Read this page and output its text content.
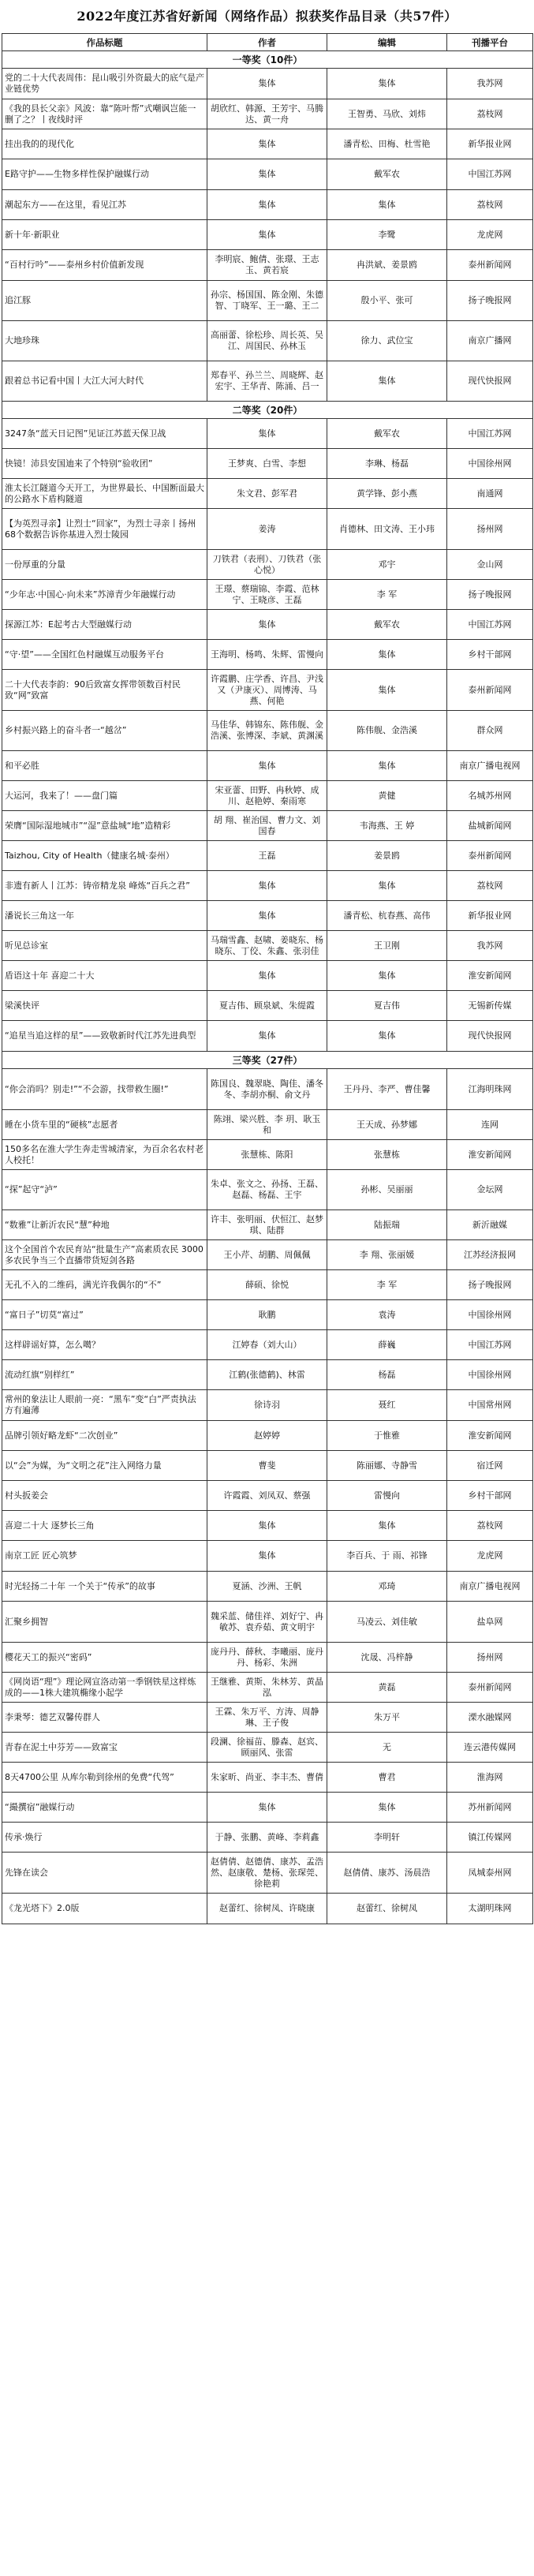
2022年度江苏省好新闻（网络作品）拟获奖作品目录（共57件）
作品标题	作者	编辑	刊播平台
一等奖（10件）			
党的二十大代表周伟：昆山吸引外资最大的底气是产业链优势	集体	集体	我苏网
《我的县长父亲》风波：靠“陈叶帮”式嘲讽岂能一删了之？丨夜线时评	胡欣红、韩源、王芳宇、马腾达、黄一舟	王智勇、马欣、刘炜	荔枝网
挂出我的的现代化	集体	潘青松、田梅、杜雪艳	新华报业网
E路守护——生物多样性保护融媒行动	集体	戴军农	中国江苏网
潮起东方——在这里，看见江苏	集体	集体	荔枝网
新十年·新职业	集体	李鹭	龙虎网
“百村行吟”——泰州乡村价值新发现	李明宸、鲍倩、张璟、王志玉、黄若宸	冉洪斌、姜景鸥	泰州新闻网
追江豚	孙宗、杨国国、陈金刚、朱德智、丁晓军、王一璐、王二	殷小平、张可	扬子晚报网
大地珍珠	高丽蕾、徐松珍、周长英、吴江、周国民、孙林玉	徐力、武位宝	南京广播网
跟着总书记看中国丨大江大河大时代	郑春平、孙兰兰、周晓辉、赵宏宇、王华青、陈涌、吕一	集体	现代快报网
二等奖（20件）			
3247条“蓝天日记图”见证江苏蓝天保卫战	集体	戴军农	中国江苏网
快镜！沛县安国迪来了个特别“验收团”	王梦爽、白雪、李想	李琳、杨磊	中国徐州网
淮太长江隧道今天开工，为世界最长、中国断面最大的公路水下盾构隧道	朱文君、彭军君	黄学锋、彭小燕	南通网
【为英烈寻亲】让烈士“回家”，为烈士寻亲丨扬州68个数据告诉你基进入烈士陵园	姜涛	肖德林、田文涛、王小玮	扬州网
一份厚重的分量	刀铁君（表刑）、刀铁君（张心悦）	邓宇	金山网
“少年志·中国心·向未来”苏漳青少年融媒行动	王璟、蔡瑞锦、李霞、范林宁、王晓彦、王磊	李 军	扬子晚报网
探源江苏：E起考古大型融媒行动	集体	戴军农	中国江苏网
“守·望”——全国红色村融媒互动服务平台	王海明、杨鸣、朱辉、雷慢向	集体	乡村干部网
二十大代表李韵：90后致富女挥带领数百村民致“网”致富	许霞鹏、庄学香、许昌、尹浅又（尹康灭）、周博涛、马燕、何艳	集体	泰州新闻网
乡村振兴路上的奋斗者一“越岔”	马佳华、韩锦东、陈伟舰、金浩溪、张博深、李斌、黄渊溪	陈伟舰、金浩溪	群众网
和平必胜	集体	集体	南京广播电视网
大运河，我来了！——盘门篇	宋亚蕾、田野、冉秋婷、成川、赵艳婷、秦雨寒	黄健	名城苏州网
荣膺“国际湿地城市”“湿”意盐城“地”造精彩	胡 翔、崔治国、曹力文、刘国春	韦海燕、王 婷	盐城新闻网
Taizhou, City of Health（健康名城·泰州）	王磊	姜景鸥	泰州新闻网
非遗有新人丨江苏：铸帝精龙泉 峰炼“百兵之君”	集体	集体	荔枝网
潘说长三角这一年	集体	潘青松、杭春燕、高伟	新华报业网
听见总诊室	马瑞雪鑫、赵啸、姜晓东、杨晓东、丁佼、朱鑫、张羽佳	王卫刚	我苏网
盾语这十年 喜迎二十大	集体	集体	淮安新闻网
梁溪快评	夏吉伟、顾泉斌、朱缇霞	夏吉伟	无锡新传媒
“追星当追这样的星”——致敬新时代江苏先进典型	集体	集体	现代快报网
三等奖（27件）			
“你会消吗？别走!”“不会游，找带救生圈!”	陈国良、魏翠晓、陶佳、潘冬冬、李胡亦桐、俞文丹	王丹丹、李严、曹佳馨	江海明珠网
睡在小货车里的“硬核”志愿者	陈翊、梁兴胜、李 玥、耿玉和	王天成、孙梦娜	连网
150多名在淮大学生奔走雪城清家，为百余名农村老人校托！	张慧栋、陈阳	张慧栋	淮安新闻网
“探”起守“泸”	朱卓、张文之、孙扬、王磊、赵磊、杨磊、王宇	孙彬、吴丽丽	金坛网
“数雅”让新沂农民“慧”种地	许丰、张明丽、伏恒江、赵梦琪、陆群	陆振瑞	新沂融媒
这个全国首个农民育站“批量生产”高素质农民 3000多农民争当三个直播带货短剑各路	王小芹、胡鹏、周佩佩	李 翔、张丽媛	江苏经济报网
无孔不入的二维码，满光许我偶尔的“不”	薛硕、徐悦	李 军	扬子晚报网
“富日子”切莫“富过”	耿鹏	袁涛	中国徐州网
这样辟谣好算，怎么噶？	江婷春（刘大山）	薛巍	中国江苏网
流动红旗“别样红”	江鹤(张德鹤)、林雷	杨磊	中国徐州网
常州的象法让人眼前一亮：“黑车”变“白”严责执法方有遍薄	徐诗羽	聂红	中国常州网
品牌引领好略龙虾“二次创业”	赵婷婷	于惟雅	淮安新闻网
以“会”为媒，为“文明之花”注入网络力量	曹斐	陈丽娜、寺静雪	宿迁网
村头扳姜会	许霞霞、刘凤双、蔡强	雷慢向	乡村干部网
喜迎二十大 逐梦长三角	集体	集体	荔枝网
南京工匠 匠心筑梦	集体	李百兵、于 雨、祁锋	龙虎网
时光轻扬二十年 一个关于“传承”的故事	夏涵、沙洲、王帆	邓琦	南京广播电视网
汇聚乡拥智	魏采蓝、储佳祥、刘好宁、冉敏苏、袁乔茹、黄文明宇	马凌云、刘佳敏	盐阜网
樱花天工的振兴“密码”	庞丹丹、薛秋、李曦丽、庞丹丹、杨彩、朱洲	沈晟、冯梓静	扬州网
《网岗语“理”》理论网宣洛动第一季钢铁星这样炼成的——1株大建筑椭缘小起学	王继雅、黄斯、朱林芳、黄晶泓	黄磊	泰州新闻网
李秉琴：德艺双馨传群人	王霖、朱万平、方涛、周静琳、王子俊	朱万平	溧水融媒网
青春在泥土中芬芳——致富宝	段澜、徐福苗、滕森、赵宾、顾丽风、张雷	无	连云港传媒网
8天4700公里 从库尔勒到徐州的免费“代驾”	朱家昕、尚亚、李丰杰、曹倩	曹君	淮海网
“撮撰宿”融媒行动	集体	集体	苏州新闻网
传承·焕行	于静、张鹏、黄峰、李莉鑫	李明轩	镇江传媒网
先锋在读会	赵倩倩、赵德倩、康苏、孟浩然、赵康敬、楚杨、张琛莞、徐艳莉	赵倩倩、康苏、汤晨浩	凤城泰州网
《龙光塔下》2.0版	赵蕾红、徐树凤、许晓康	赵蕾红、徐树凤	太湖明珠网
